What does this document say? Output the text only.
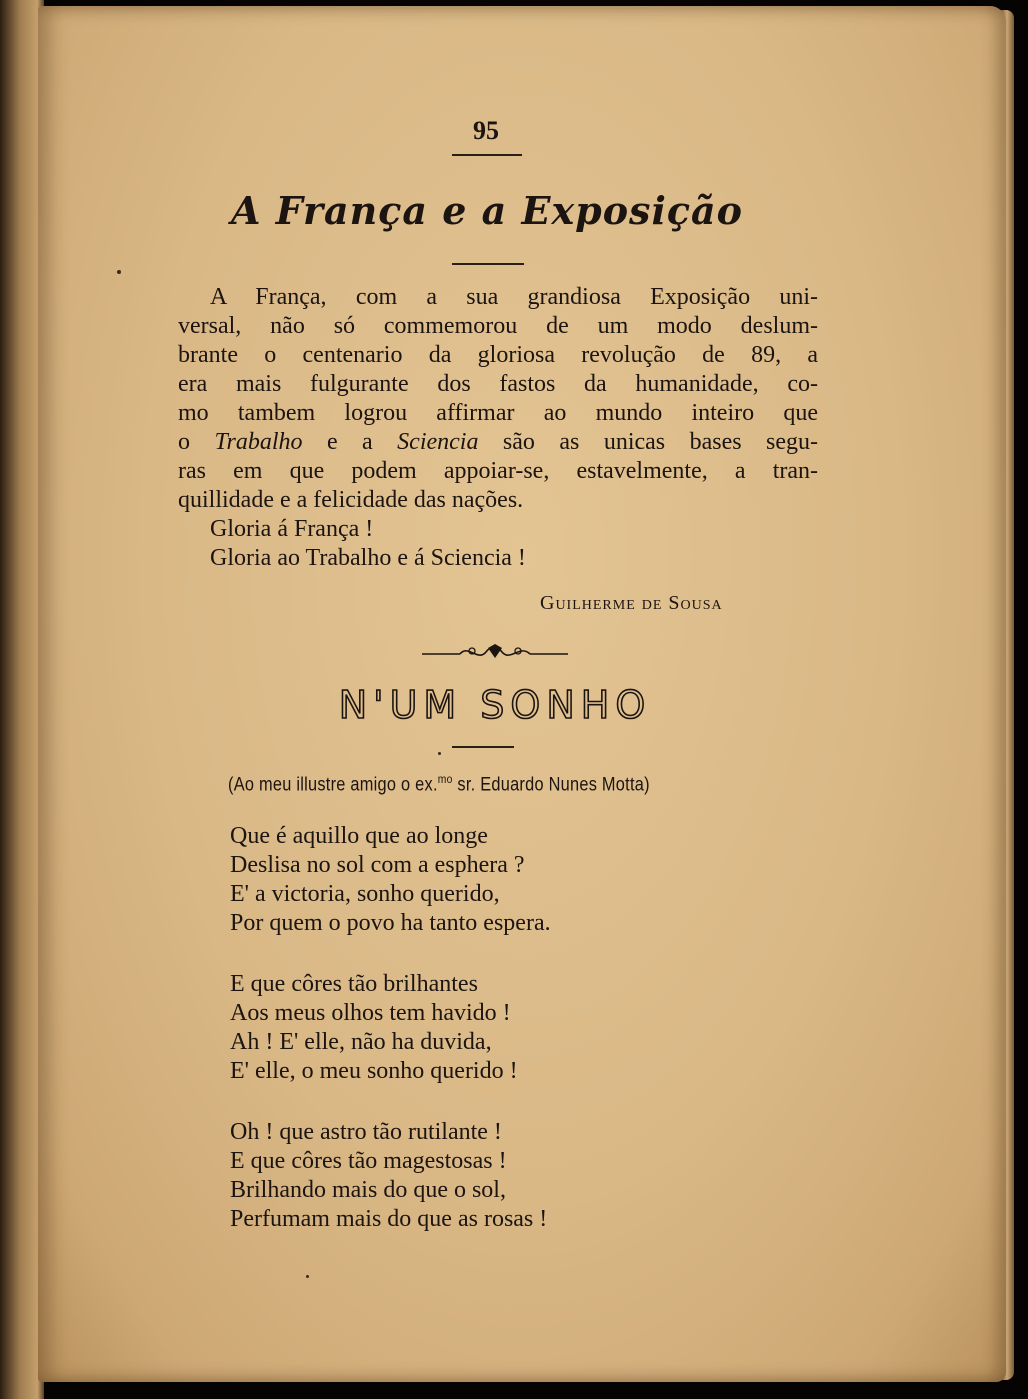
95
A França e a Exposição
A França, com a sua grandiosa Exposição uni-
versal, não só commemorou de um modo deslum-
brante o centenario da gloriosa revolução de 89, a
era mais fulgurante dos fastos da humanidade, co-
mo tambem logrou affirmar ao mundo inteiro que
o Trabalho e a Sciencia são as unicas bases segu-
ras em que podem appoiar-se, estavelmente, a tran-
quillidade e a felicidade das nações.
Gloria á França !
Gloria ao Trabalho e á Sciencia !
Guilherme de Sousa
N'UM SONHO
(Ao meu illustre amigo o ex.$^{mo}$ sr. Eduardo Nunes Motta)
Que é aquillo que ao longe
Deslisa no sol com a esphera ?
E' a victoria, sonho querido,
Por quem o povo ha tanto espera.
E que côres tão brilhantes
Aos meus olhos tem havido !
Ah ! E' elle, não ha duvida,
E' elle, o meu sonho querido !
Oh ! que astro tão rutilante !
E que côres tão magestosas !
Brilhando mais do que o sol,
Perfumam mais do que as rosas !
